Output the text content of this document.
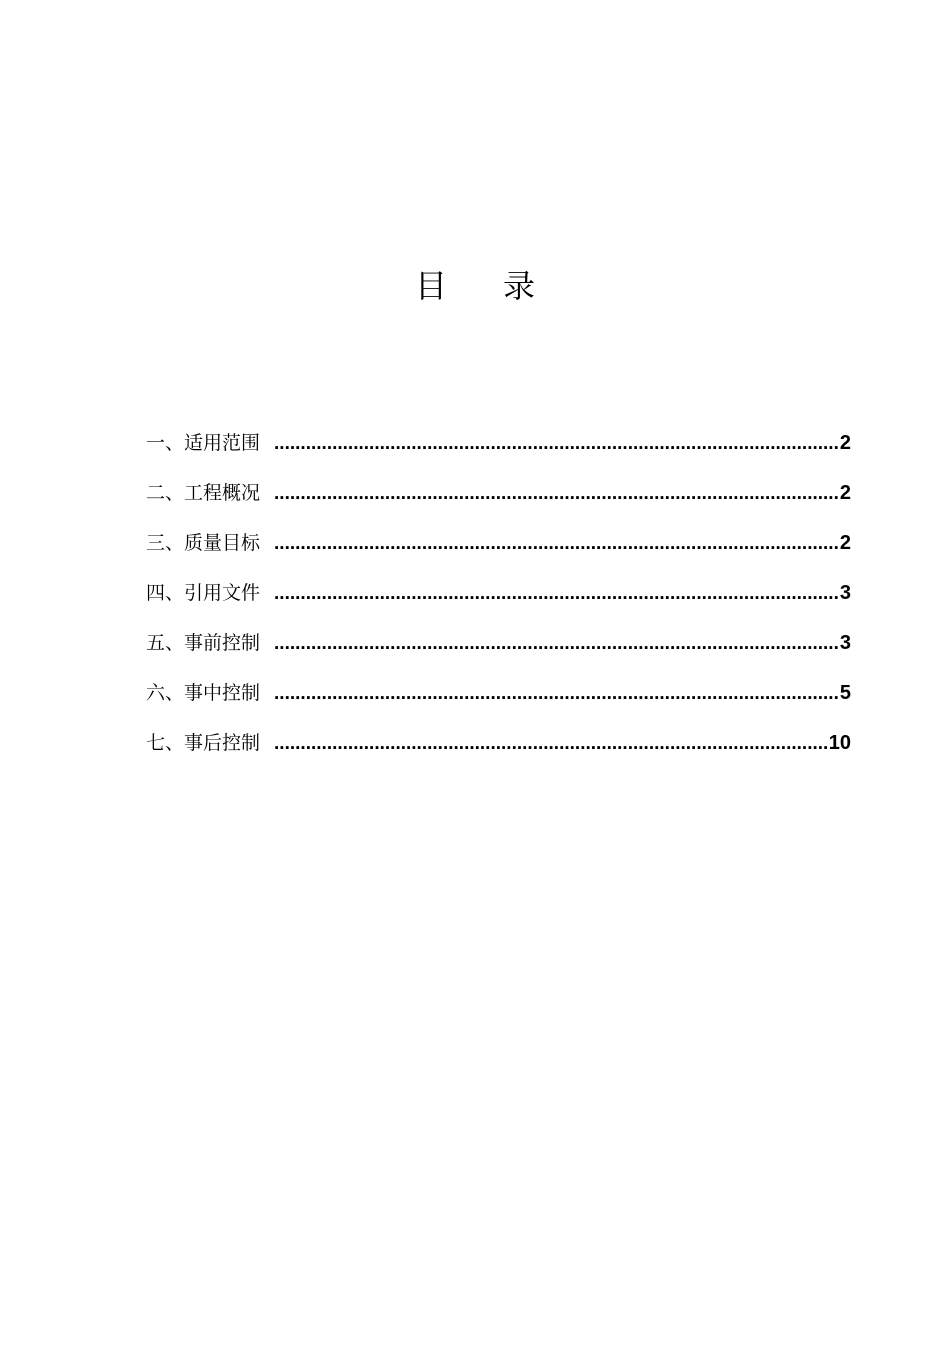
目 录
一、 适用范围 .....	2
二、 工程概况 .....	2
三、 质量目标 .....	2
四、 引用文件 .....	3
五、 事前控制 .....	3
六、 事中控制 .....	5
七、 事后控制 .....	10
